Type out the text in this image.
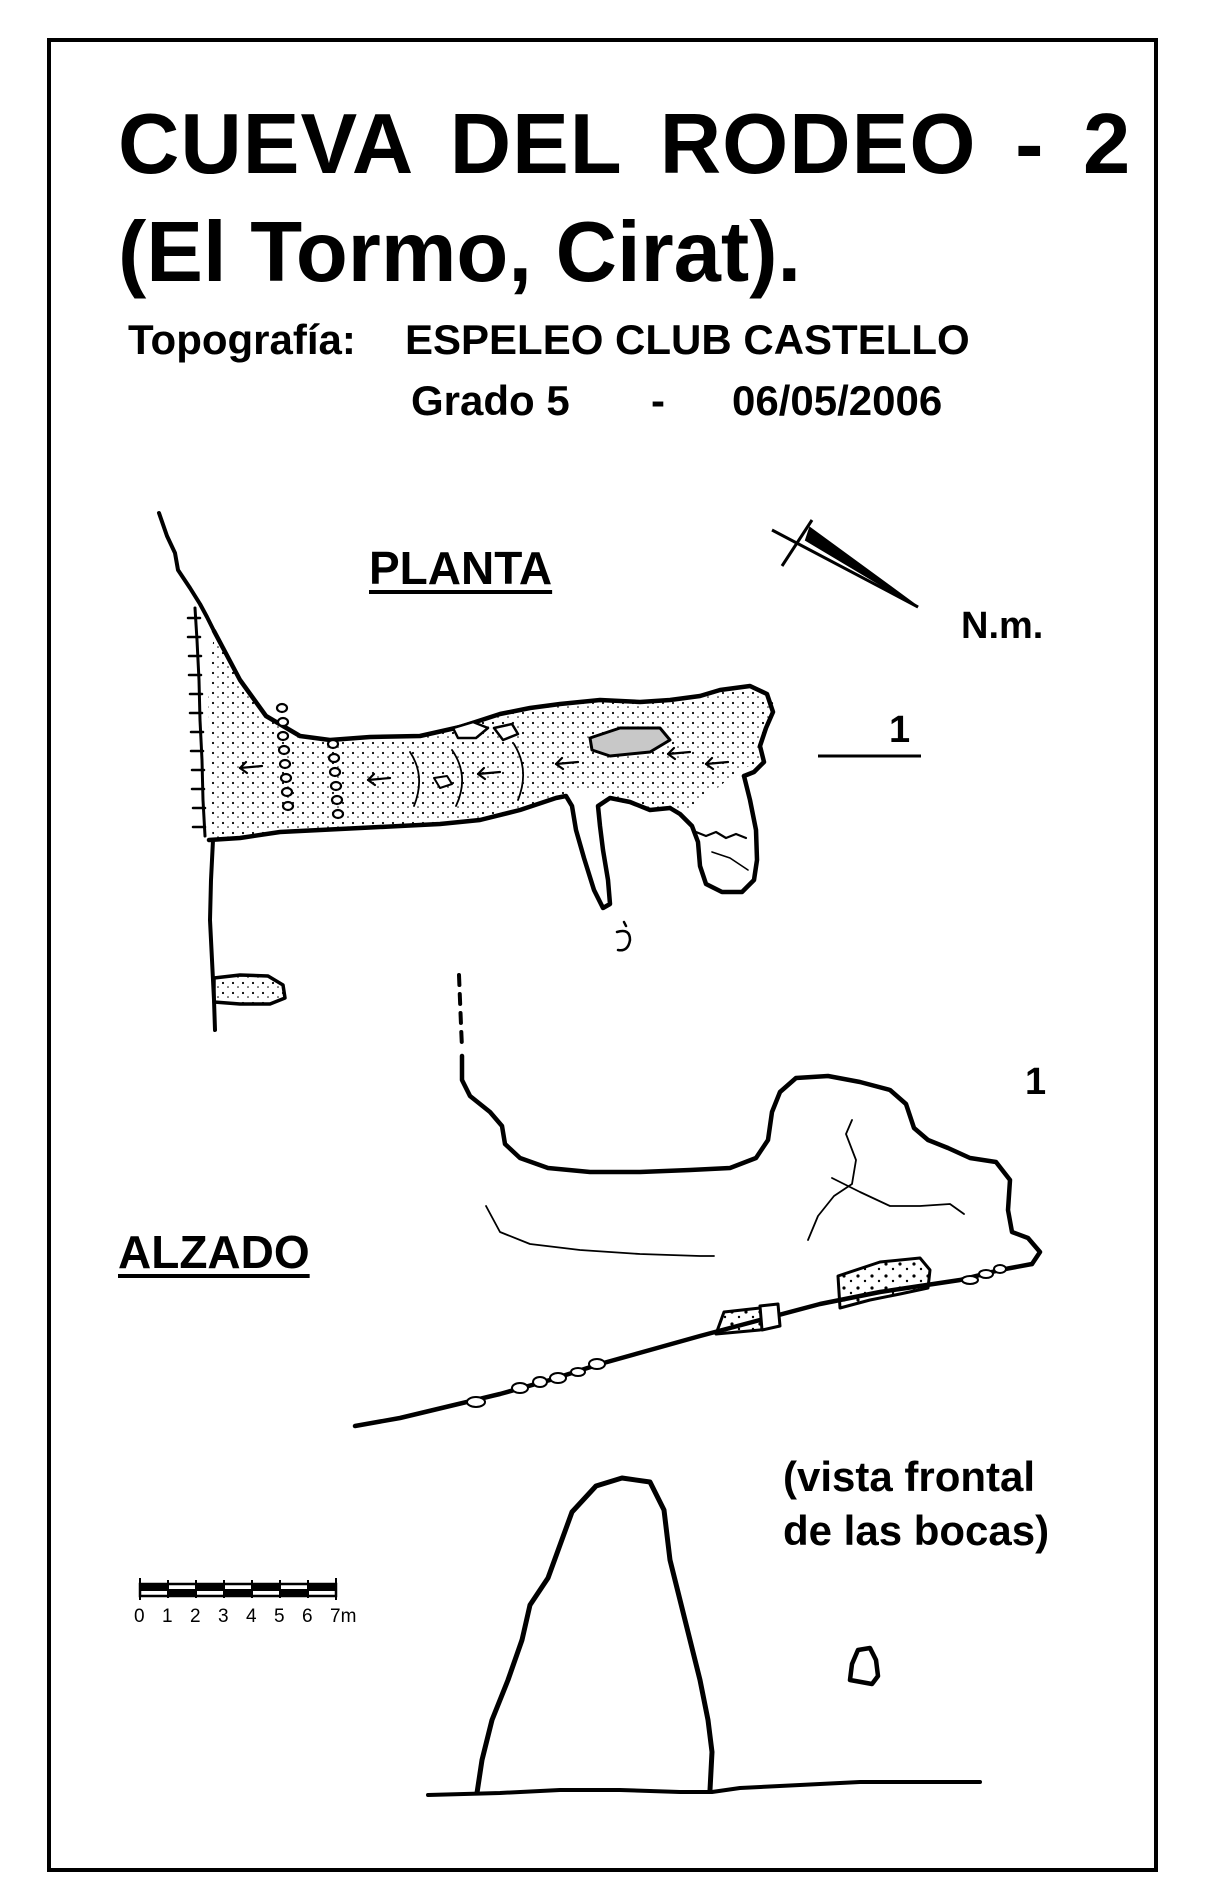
CUEVA DEL RODEO - 2
(El Tormo, Cirat).
Topografía: ESPELEO CLUB CASTELLO
Grado 5 - 06/05/2006
PLANTA
N.m.
1
1
ALZADO
(vista frontal
de las bocas)
0 1 2 3 4 5 6 7m
